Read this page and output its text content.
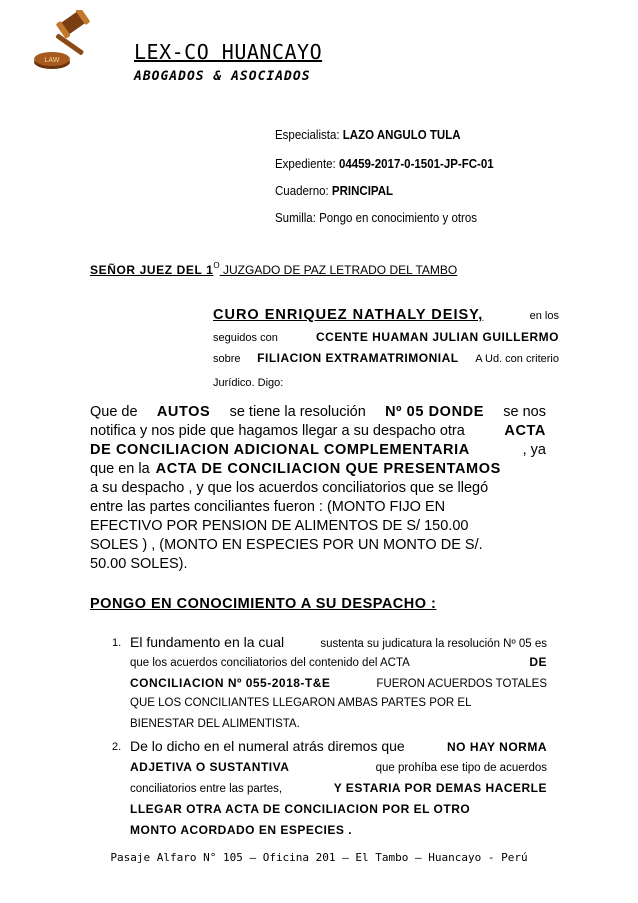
LAW	LEX-CO HUANCAYO
ABOGADOS & ASOCIADOS
Especialista: LAZO ANGULO TULA
Expediente: 04459-2017-0-1501-JP-FC-01
Cuaderno: PRINCIPAL
Sumilla: Pongo en conocimiento y otros
SEÑOR JUEZ DEL $1^O$ JUZGADO DE PAZ LETRADO DEL TAMBO
CURO ENRIQUEZ NATHALY DEISY,	en los
seguidos con	CCENTE HUAMAN JULIAN GUILLERMO
sobre FILIACION EXTRAMATRIMONIAL A Ud. con criterio
Jurídico. Digo:
Que de AUTOS se tiene la resolución Nº 05 DONDE se nos
notifica y nos pide que hagamos llegar a su despacho otra	ACTA
DE CONCILIACION ADICIONAL COMPLEMENTARIA	, ya
que en la ACTA DE CONCILIACION QUE PRESENTAMOS
a su despacho , y que los acuerdos conciliatorios que se llegó
entre las partes conciliantes fueron : (MONTO FIJO EN
EFECTIVO POR PENSION DE ALIMENTOS DE S/ 150.00
SOLES ) , (MONTO EN ESPECIES POR UN MONTO DE S/.
50.00 SOLES).
PONGO EN CONOCIMIENTO A SU DESPACHO :
1. El fundamento en la cual	sustenta su judicatura la resolución Nº 05 es
que los acuerdos conciliatorios del contenido del ACTA	DE
CONCILIACION Nº 055-2018-T&E	FUERON ACUERDOS TOTALES
QUE LOS CONCILIANTES LLEGARON AMBAS PARTES POR EL
BIENESTAR DEL ALIMENTISTA.
2. De lo dicho en el numeral atrás diremos que	NO HAY NORMA
ADJETIVA O SUSTANTIVA	que prohíba ese tipo de acuerdos
conciliatorios entre las partes,	Y ESTARIA POR DEMAS HACERLE
LLEGAR OTRA ACTA DE CONCILIACION POR EL OTRO
MONTO ACORDADO EN ESPECIES .
Pasaje Alfaro N° 105 – Oficina 201 – El Tambo – Huancayo - Perú
